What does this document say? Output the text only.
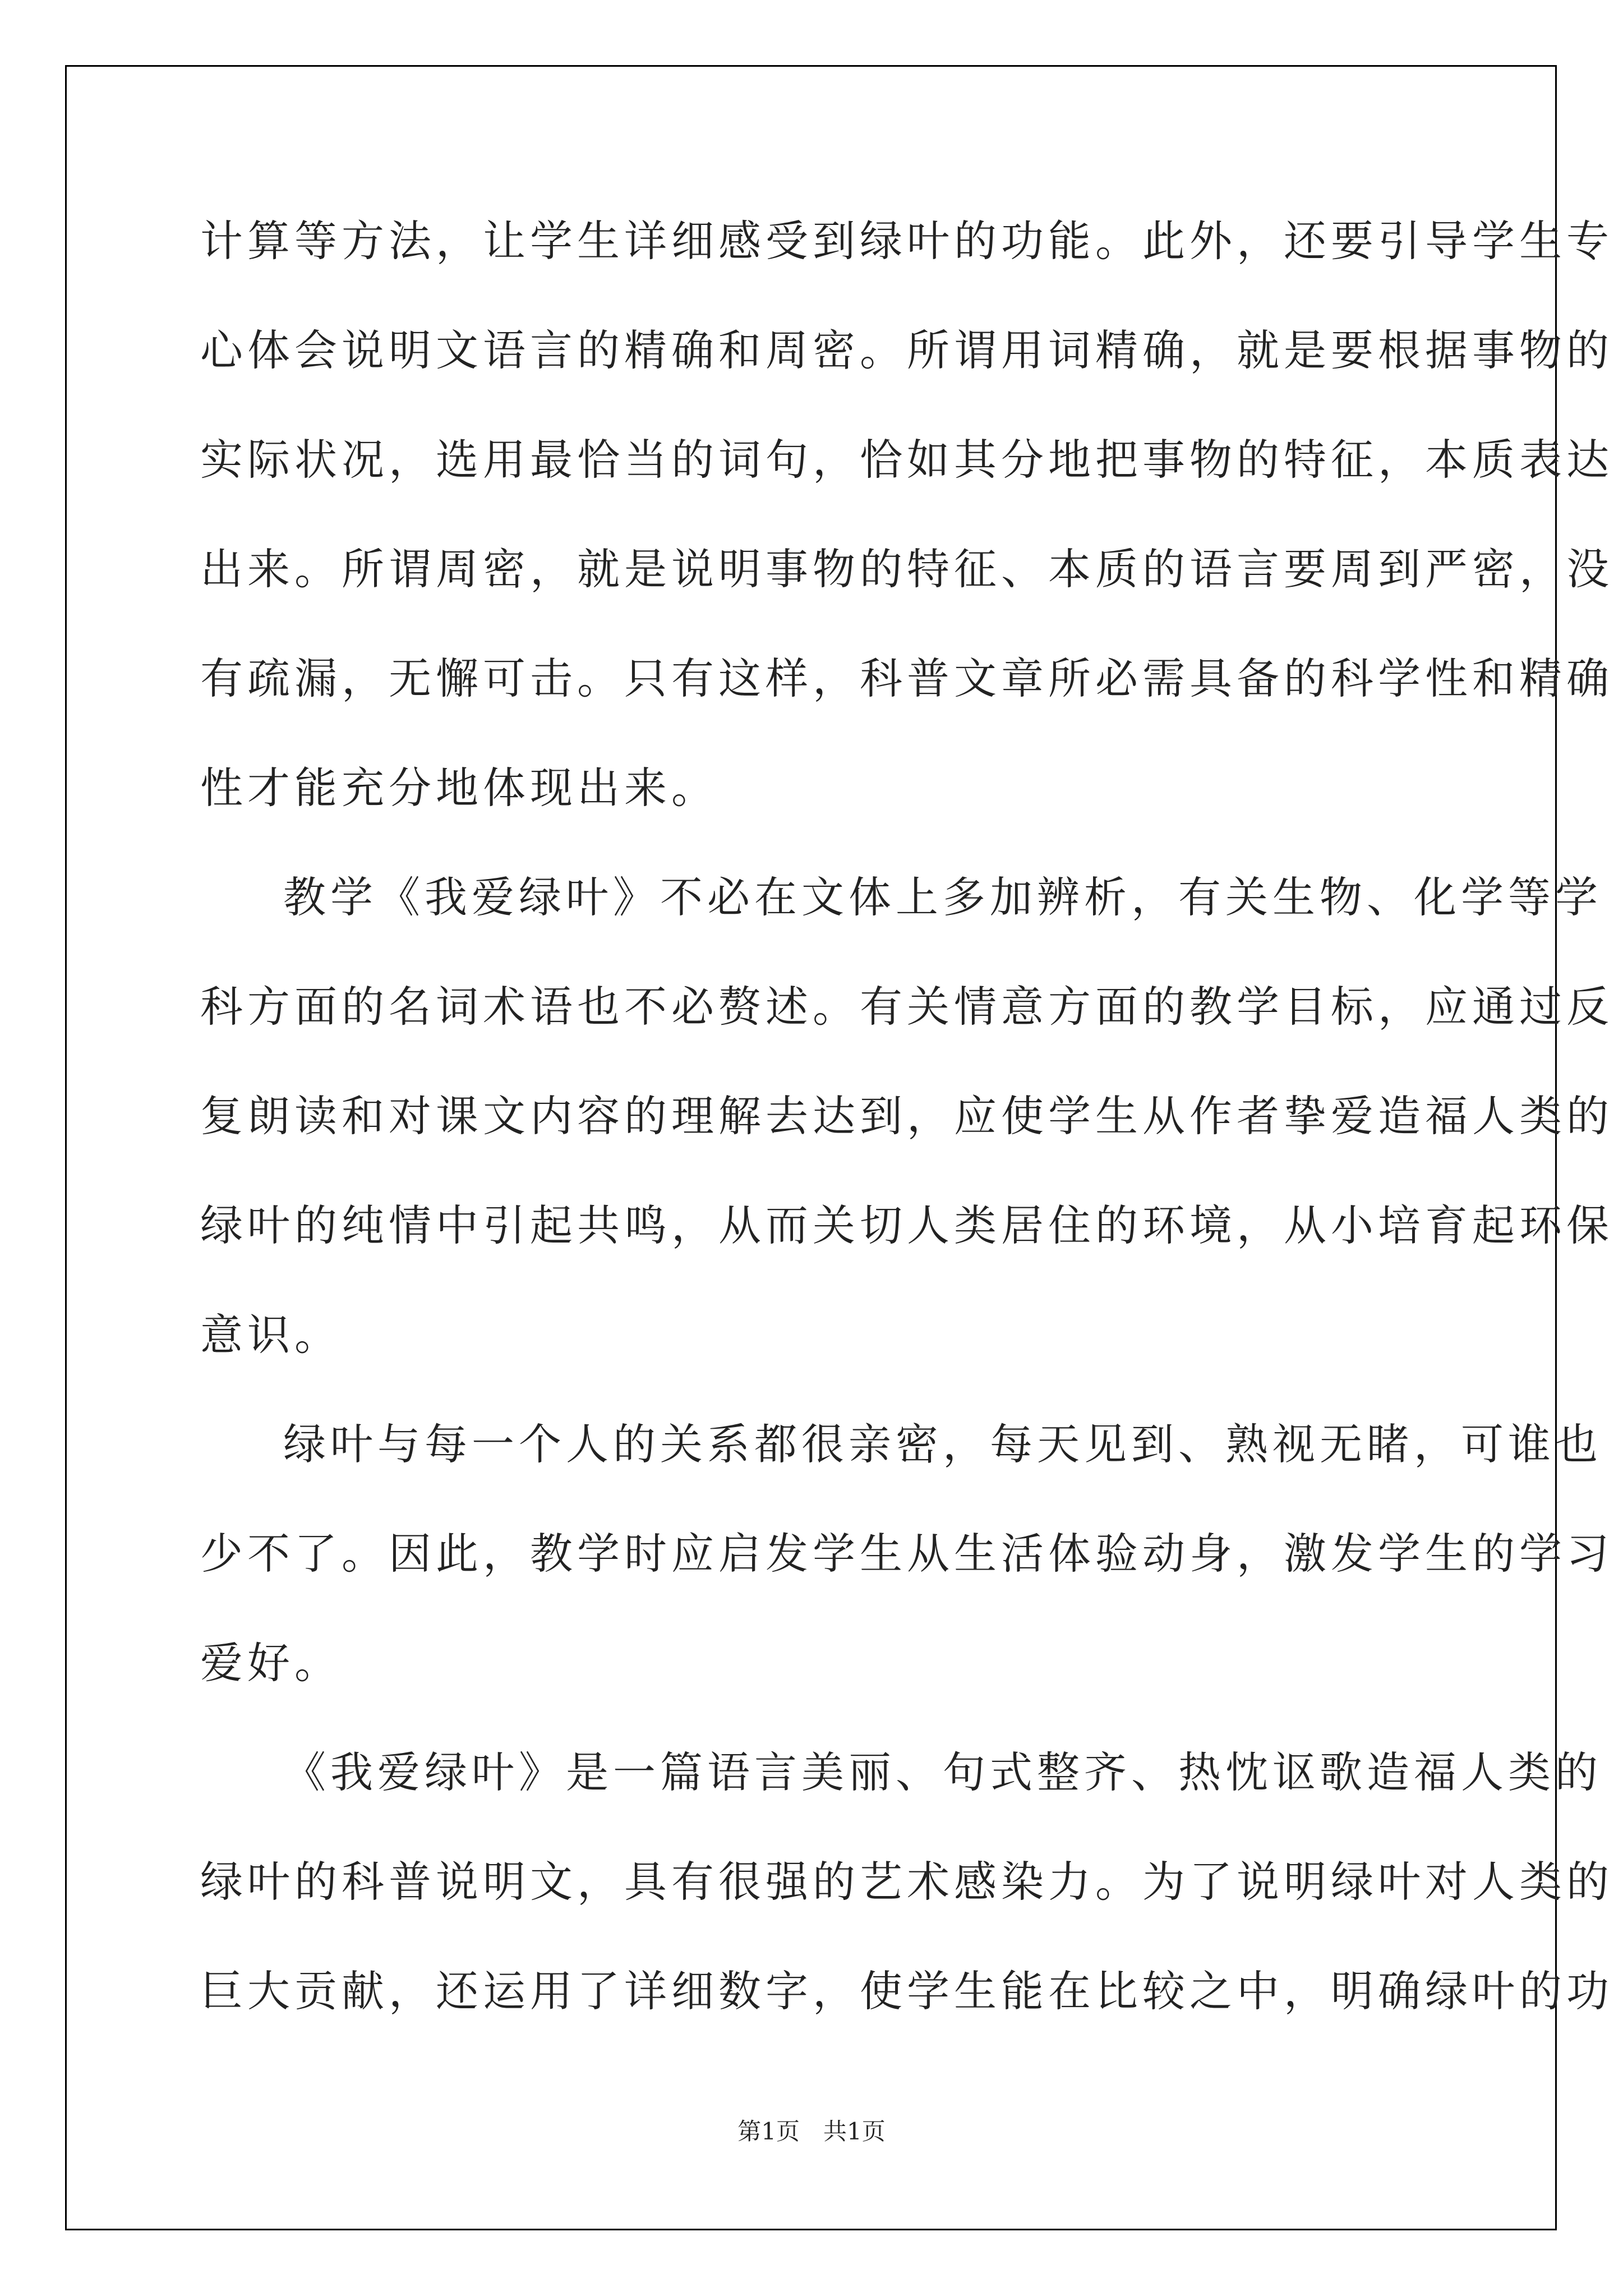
计算等方法，让学生详细感受到绿叶的功能。此外，还要引导学生专

心体会说明文语言的精确和周密。所谓用词精确，就是要根据事物的

实际状况，选用最恰当的词句，恰如其分地把事物的特征，本质表达

出来。所谓周密，就是说明事物的特征、本质的语言要周到严密，没

有疏漏，无懈可击。只有这样，科普文章所必需具备的科学性和精确

性才能充分地体现出来。

教学《我爱绿叶》不必在文体上多加辨析，有关生物、化学等学

科方面的名词术语也不必赘述。有关情意方面的教学目标，应通过反

复朗读和对课文内容的理解去达到，应使学生从作者挚爱造福人类的

绿叶的纯情中引起共鸣，从而关切人类居住的环境，从小培育起环保

意识。

绿叶与每一个人的关系都很亲密，每天见到、熟视无睹，可谁也

少不了。因此，教学时应启发学生从生活体验动身，激发学生的学习

爱好。

《我爱绿叶》是一篇语言美丽、句式整齐、热忱讴歌造福人类的

绿叶的科普说明文，具有很强的艺术感染力。为了说明绿叶对人类的

巨大贡献，还运用了详细数字，使学生能在比较之中，明确绿叶的功

第1页　共1页
